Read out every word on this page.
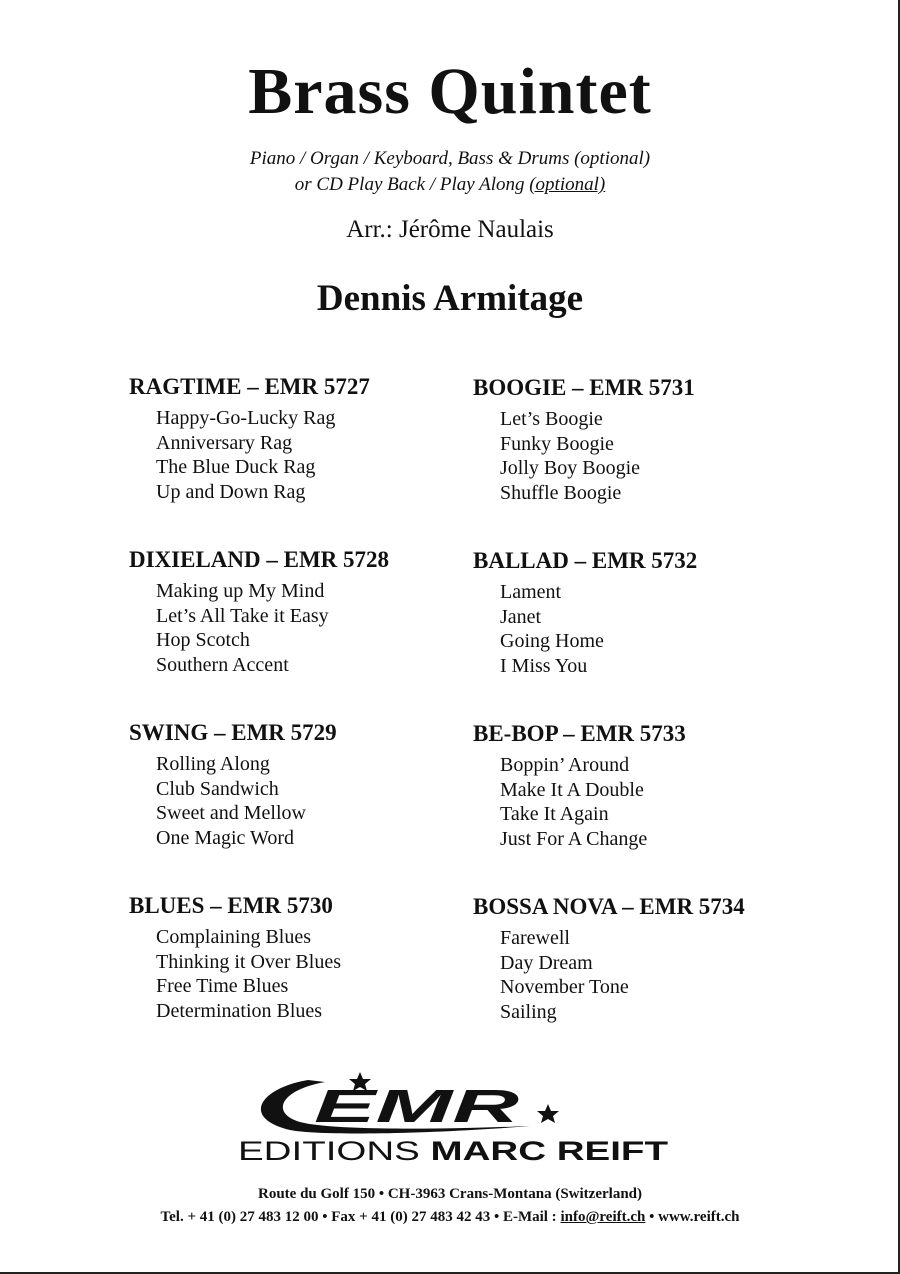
Brass Quintet
Piano / Organ / Keyboard, Bass & Drums (optional)
or CD Play Back / Play Along (optional)
Arr.: Jérôme Naulais
Dennis Armitage
RAGTIME – EMR 5727
Happy-Go-Lucky Rag
Anniversary Rag
The Blue Duck Rag
Up and Down Rag
DIXIELAND – EMR 5728
Making up My Mind
Let’s All Take it Easy
Hop Scotch
Southern Accent
SWING – EMR 5729
Rolling Along
Club Sandwich
Sweet and Mellow
One Magic Word
BLUES – EMR 5730
Complaining Blues
Thinking it Over Blues
Free Time Blues
Determination Blues
BOOGIE – EMR 5731
Let’s Boogie
Funky Boogie
Jolly Boy Boogie
Shuffle Boogie
BALLAD – EMR 5732
Lament
Janet
Going Home
I Miss You
BE-BOP – EMR 5733
Boppin’ Around
Make It A Double
Take It Again
Just For A Change
BOSSA NOVA – EMR 5734
Farewell
Day Dream
November Tone
Sailing
EMR
EDITIONS MARC REIFT
Route du Golf 150 • CH-3963 Crans-Montana (Switzerland)
Tel. + 41 (0) 27 483 12 00 • Fax + 41 (0) 27 483 42 43 • E-Mail : info@reift.ch • www.reift.ch
